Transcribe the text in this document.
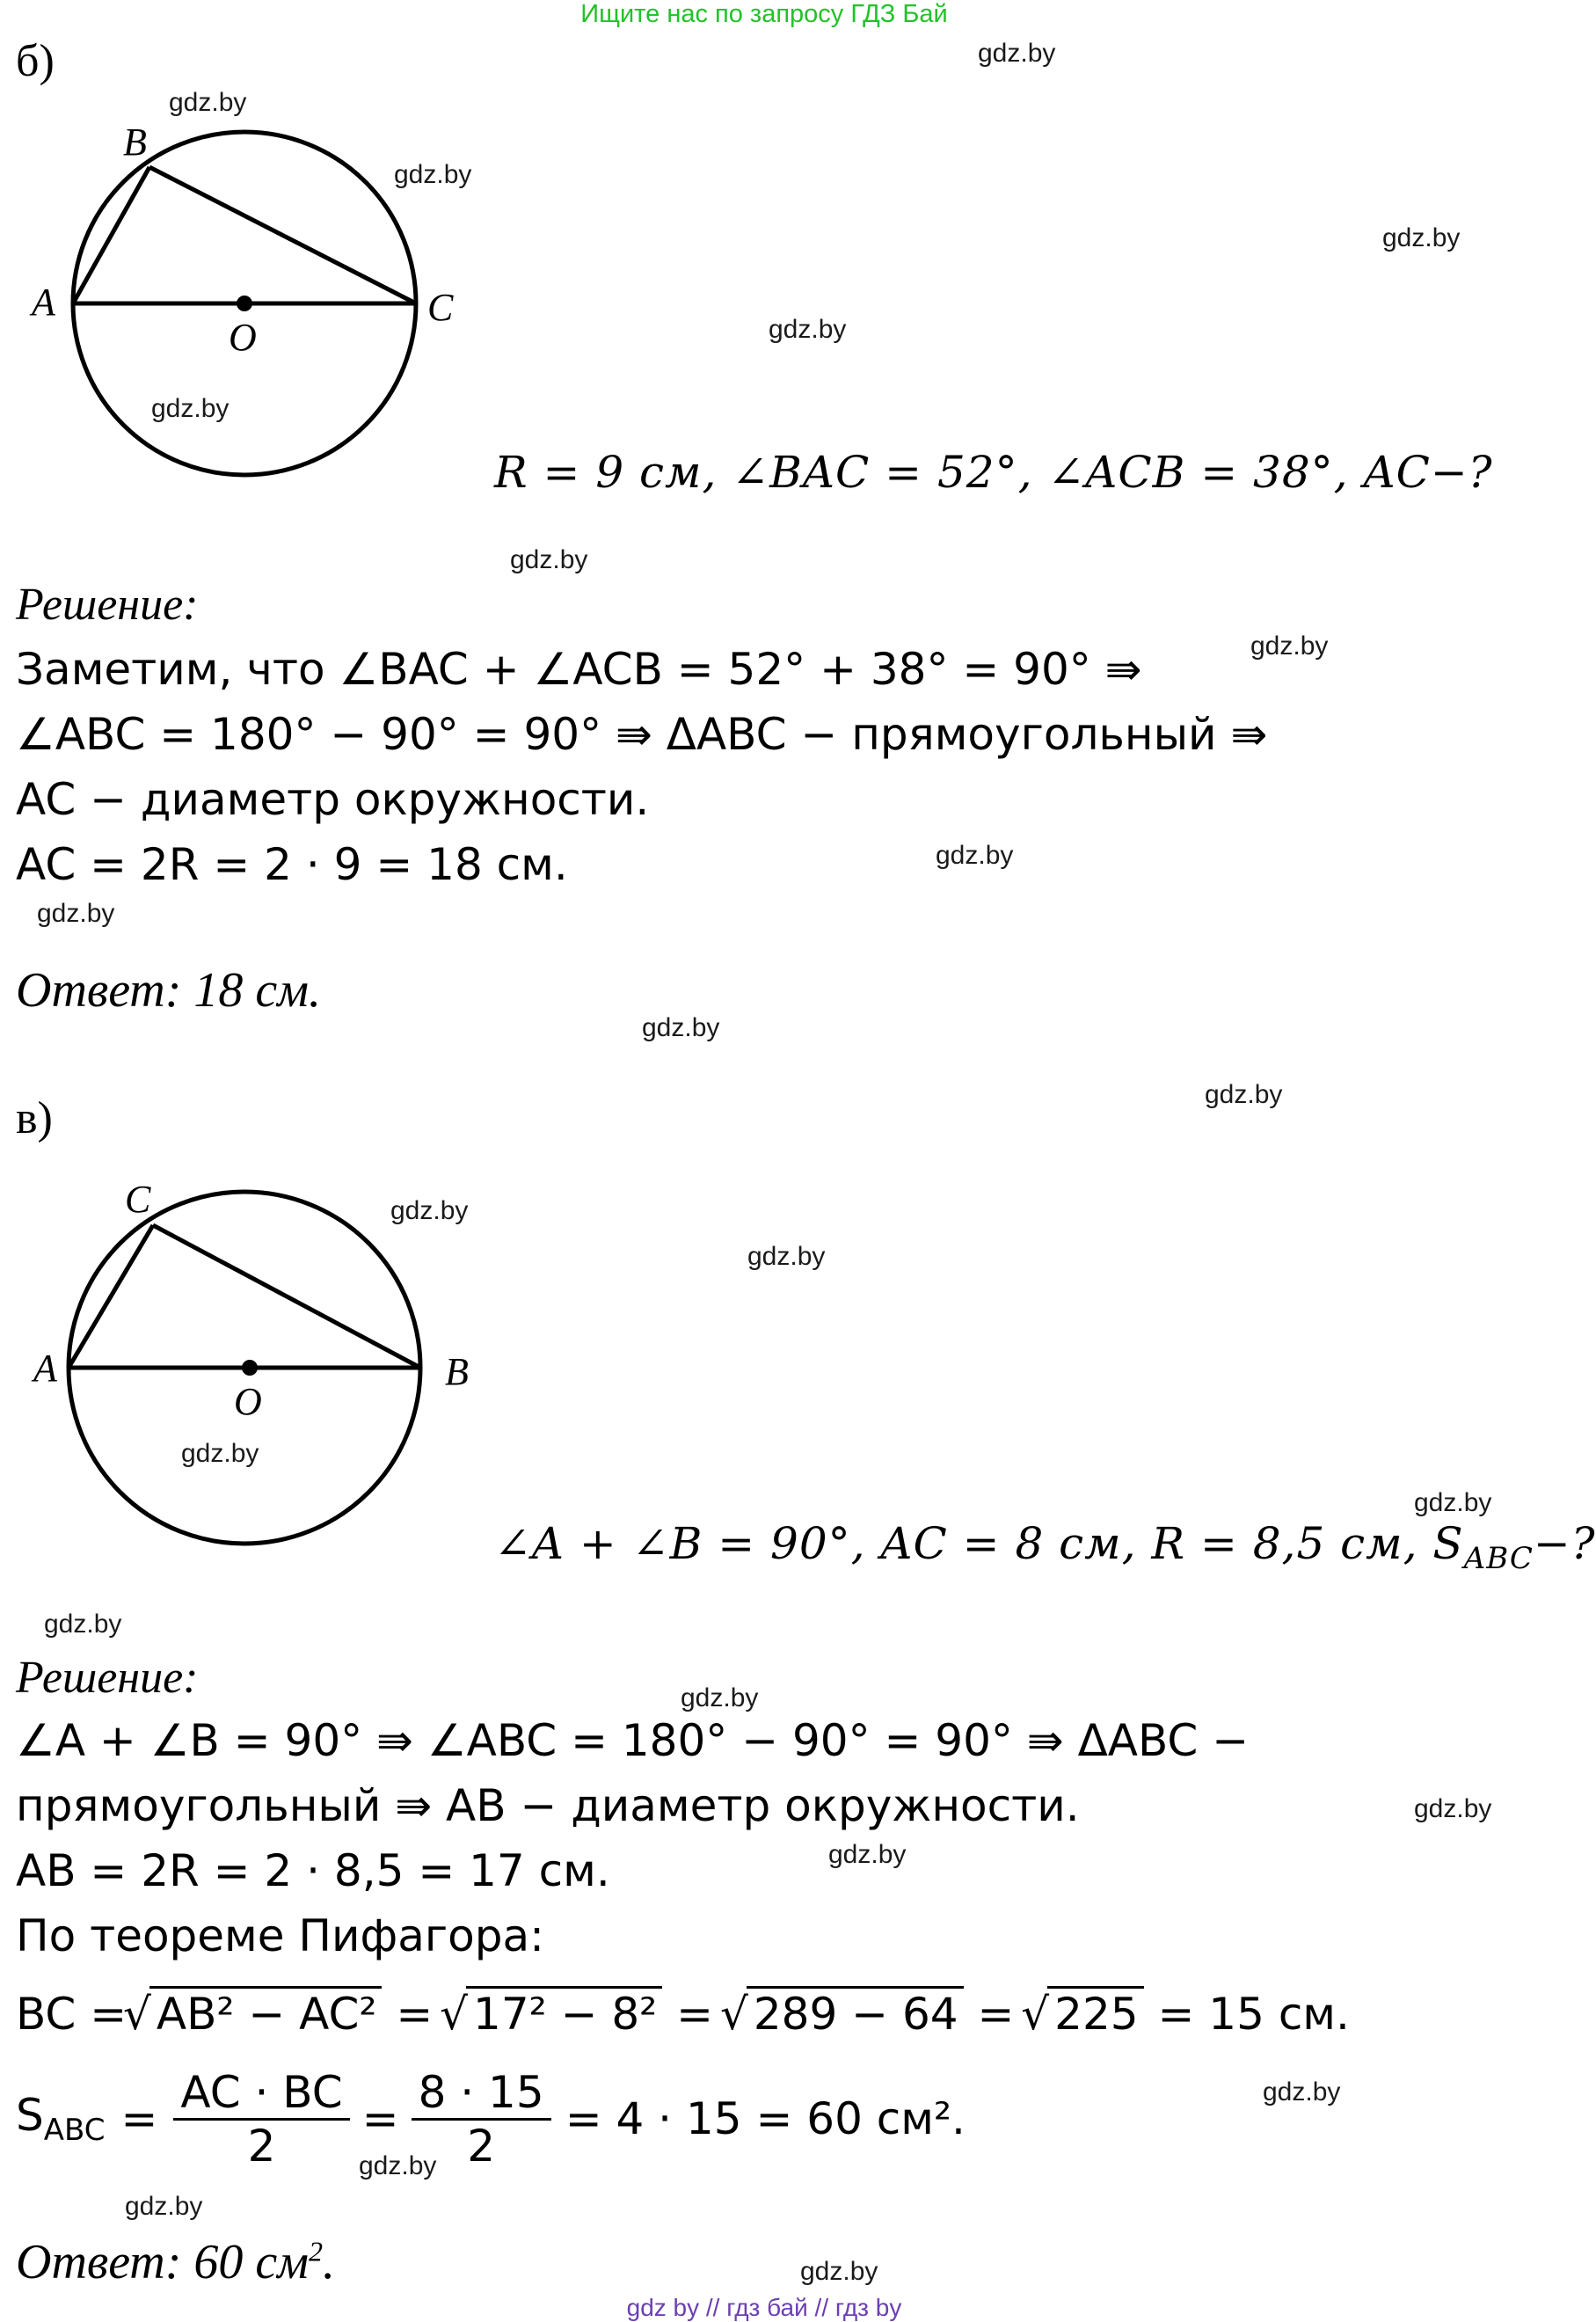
Ищите нас по запросу ГДЗ Бай
gdz.by
gdz.by
gdz.by
gdz.by
gdz.by
gdz.by
gdz.by
gdz.by
gdz.by
gdz.by
gdz.by
gdz.by
gdz.by
gdz.by
gdz.by
gdz.by
gdz.by
gdz.by
gdz.by
gdz.by
gdz.by
gdz.by
gdz.by
gdz.by
б)
A
B
C
O
R = 9 см, ∠BAC = 52°, ∠ACB = 38°, AC−?
Решение:
Заметим, что ∠BAC + ∠ACB = 52° + 38° = 90° ⇛
∠ABC = 180° − 90° = 90° ⇛ ΔABC − прямоугольный ⇛
AC − диаметр окружности.
AC = 2R = 2 · 9 = 18 см.
Ответ: 18 см.
в)
A	B
C
O
∠A + ∠B = 90°, AC = 8 см, R = 8,5 см, $S_{ABC}-$?
Решение:
∠A + ∠B = 90° ⇛ ∠ABC = 180° − 90° = 90° ⇛ ΔABC −
прямоугольный ⇛ AB − диаметр окружности.
AB = 2R = 2 · 8,5 = 17 см.
По теореме Пифагора:
BC = √ AB² − AC² = √ 17² − 8² = √ 289 − 64 = √ 225 = 15 см.
$S_{ABC} = \frac{AC \cdot BC}{2} = \frac{8 \cdot 15}{2} = 4 \cdot 15 = 60$ см².
Ответ: 60 $см^2$.
gdz by // гдз бай // гдз by
